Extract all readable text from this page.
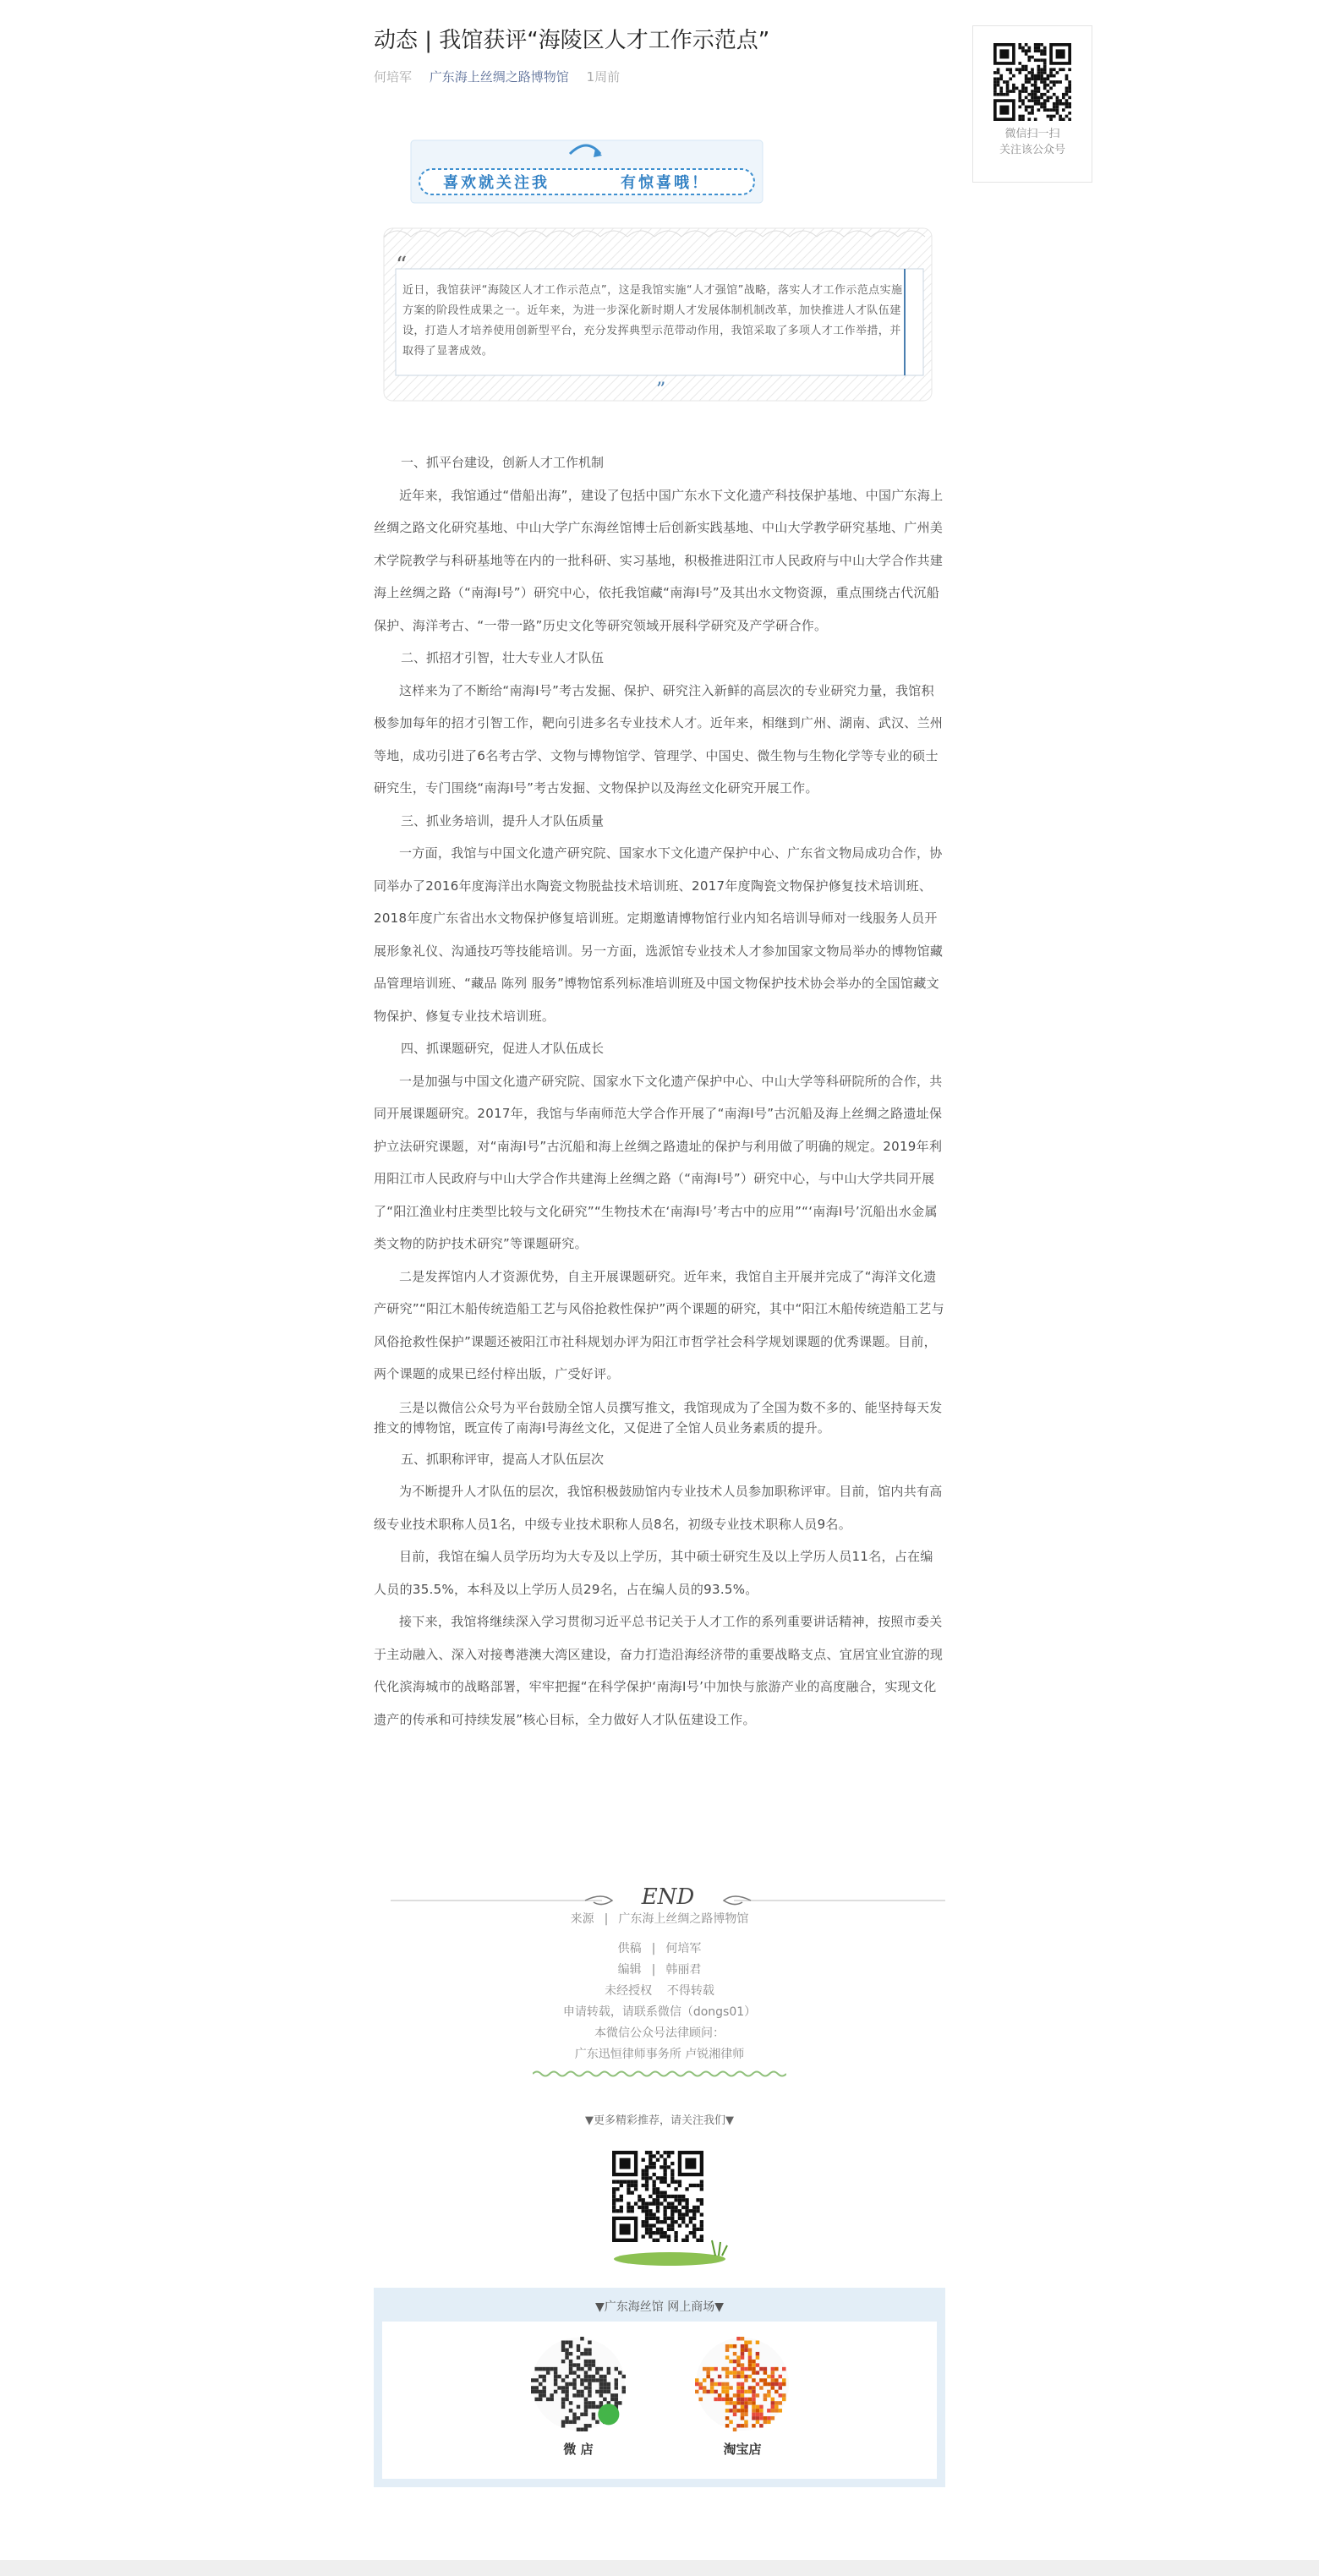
动态 | 我馆获评“海陵区人才工作示范点”
何培军 广东海上丝绸之路博物馆 1周前
微信扫一扫
关注该公众号
喜欢就关注我	有惊喜哦！
“
”
近日，我馆获评“海陵区人才工作示范点”，这是我馆实施“人才强馆”战略，落实人才工作示范点实施方案的阶段性成果之一。近年来，为进一步深化新时期人才发展体制机制改革，加快推进人才队伍建设，打造人才培养使用创新型平台，充分发挥典型示范带动作用，我馆采取了多项人才工作举措，并取得了显著成效。

一、抓平台建设，创新人才工作机制

近年来，我馆通过“借船出海”，建设了包括中国广东水下文化遗产科技保护基地、中国广东海上丝绸之路文化研究基地、中山大学广东海丝馆博士后创新实践基地、中山大学教学研究基地、广州美术学院教学与科研基地等在内的一批科研、实习基地，积极推进阳江市人民政府与中山大学合作共建海上丝绸之路（“南海Ⅰ号”）研究中心，依托我馆藏“南海Ⅰ号”及其出水文物资源，重点围绕古代沉船保护、海洋考古、“一带一路”历史文化等研究领域开展科学研究及产学研合作。

二、抓招才引智，壮大专业人才队伍

这样来为了不断给“南海Ⅰ号”考古发掘、保护、研究注入新鲜的高层次的专业研究力量，我馆积极参加每年的招才引智工作，靶向引进多名专业技术人才。近年来，相继到广州、湖南、武汉、兰州等地，成功引进了6名考古学、文物与博物馆学、管理学、中国史、微生物与生物化学等专业的硕士研究生，专门围绕“南海Ⅰ号”考古发掘、文物保护以及海丝文化研究开展工作。

三、抓业务培训，提升人才队伍质量

一方面，我馆与中国文化遗产研究院、国家水下文化遗产保护中心、广东省文物局成功合作，协同举办了2016年度海洋出水陶瓷文物脱盐技术培训班、2017年度陶瓷文物保护修复技术培训班、2018年度广东省出水文物保护修复培训班。定期邀请博物馆行业内知名培训导师对一线服务人员开展形象礼仪、沟通技巧等技能培训。另一方面，选派馆专业技术人才参加国家文物局举办的博物馆藏品管理培训班、“藏品 陈列 服务”博物馆系列标准培训班及中国文物保护技术协会举办的全国馆藏文物保护、修复专业技术培训班。

四、抓课题研究，促进人才队伍成长

一是加强与中国文化遗产研究院、国家水下文化遗产保护中心、中山大学等科研院所的合作，共同开展课题研究。2017年，我馆与华南师范大学合作开展了“南海Ⅰ号”古沉船及海上丝绸之路遗址保护立法研究课题，对“南海Ⅰ号”古沉船和海上丝绸之路遗址的保护与利用做了明确的规定。2019年利用阳江市人民政府与中山大学合作共建海上丝绸之路（“南海Ⅰ号”）研究中心，与中山大学共同开展了“阳江渔业村庄类型比较与文化研究”“生物技术在‘南海Ⅰ号’考古中的应用”“‘南海Ⅰ号’沉船出水金属类文物的防护技术研究”等课题研究。

二是发挥馆内人才资源优势，自主开展课题研究。近年来，我馆自主开展并完成了“海洋文化遗产研究”“阳江木船传统造船工艺与风俗抢救性保护”两个课题的研究，其中“阳江木船传统造船工艺与风俗抢救性保护”课题还被阳江市社科规划办评为阳江市哲学社会科学规划课题的优秀课题。目前，两个课题的成果已经付梓出版，广受好评。

三是以微信公众号为平台鼓励全馆人员撰写推文，我馆现成为了全国为数不多的、能坚持每天发推文的博物馆，既宣传了南海Ⅰ号海丝文化，又促进了全馆人员业务素质的提升。

五、抓职称评审，提高人才队伍层次

为不断提升人才队伍的层次，我馆积极鼓励馆内专业技术人员参加职称评审。目前，馆内共有高级专业技术职称人员1名，中级专业技术职称人员8名，初级专业技术职称人员9名。

目前，我馆在编人员学历均为大专及以上学历，其中硕士研究生及以上学历人员11名，占在编人员的35.5%，本科及以上学历人员29名，占在编人员的93.5%。

接下来，我馆将继续深入学习贯彻习近平总书记关于人才工作的系列重要讲话精神，按照市委关于主动融入、深入对接粤港澳大湾区建设，奋力打造沿海经济带的重要战略支点、宜居宜业宜游的现代化滨海城市的战略部署，牢牢把握“在科学保护‘南海Ⅰ号’中加快与旅游产业的高度融合，实现文化遗产的传承和可持续发展”核心目标，全力做好人才队伍建设工作。

END
来源 | 广东海上丝绸之路博物馆
供稿 | 何培军
编辑 | 韩丽君
未经授权 不得转载
申请转载，请联系微信（dongs01）
本微信公众号法律顾问：
广东迅恒律师事务所 卢锐湘律师
▼更多精彩推荐，请关注我们▼
▼广东海丝馆 网上商场▼
微 店	淘宝店
